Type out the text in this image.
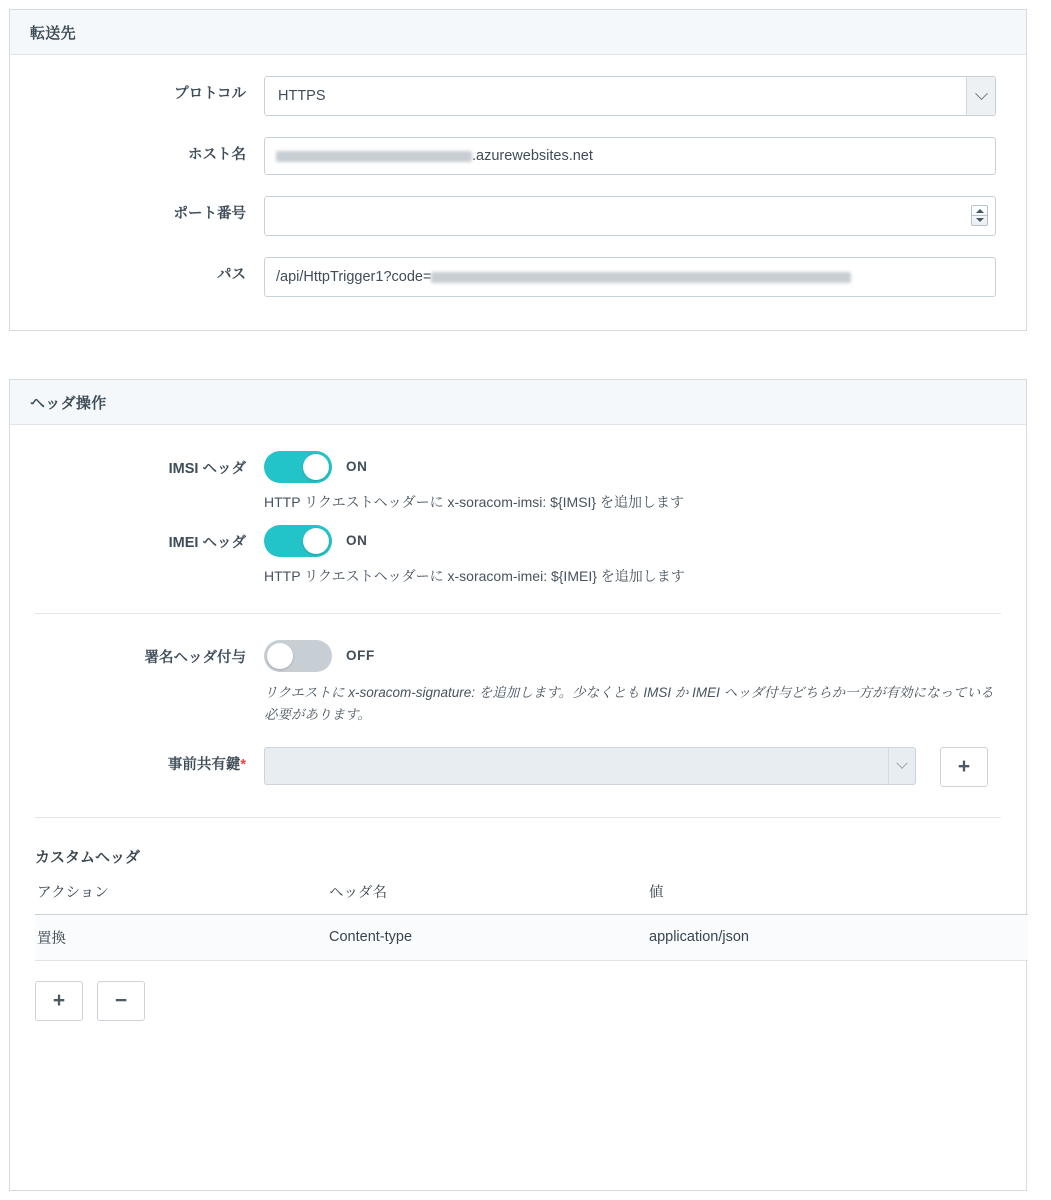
転送先
プロトコル	HTTPS
ホスト名	.azurewebsites.net
ポート番号
パス	/api/HttpTrigger1?code=
ヘッダ操作
IMSI ヘッダ	ON

HTTP リクエストヘッダーに x-soracom-imsi: ${IMSI} を追加します

IMEI ヘッダ	ON

HTTP リクエストヘッダーに x-soracom-imei: ${IMEI} を追加します

署名ヘッダ付与	OFF

リクエストに x-soracom-signature: を追加します。少なくとも IMSI か IMEI ヘッダ付与どちらか一方が有効になっている必要があります。

事前共有鍵*	+
カスタムヘッダ
アクション	ヘッダ名	値
置換	Content-type	application/json
+	−
